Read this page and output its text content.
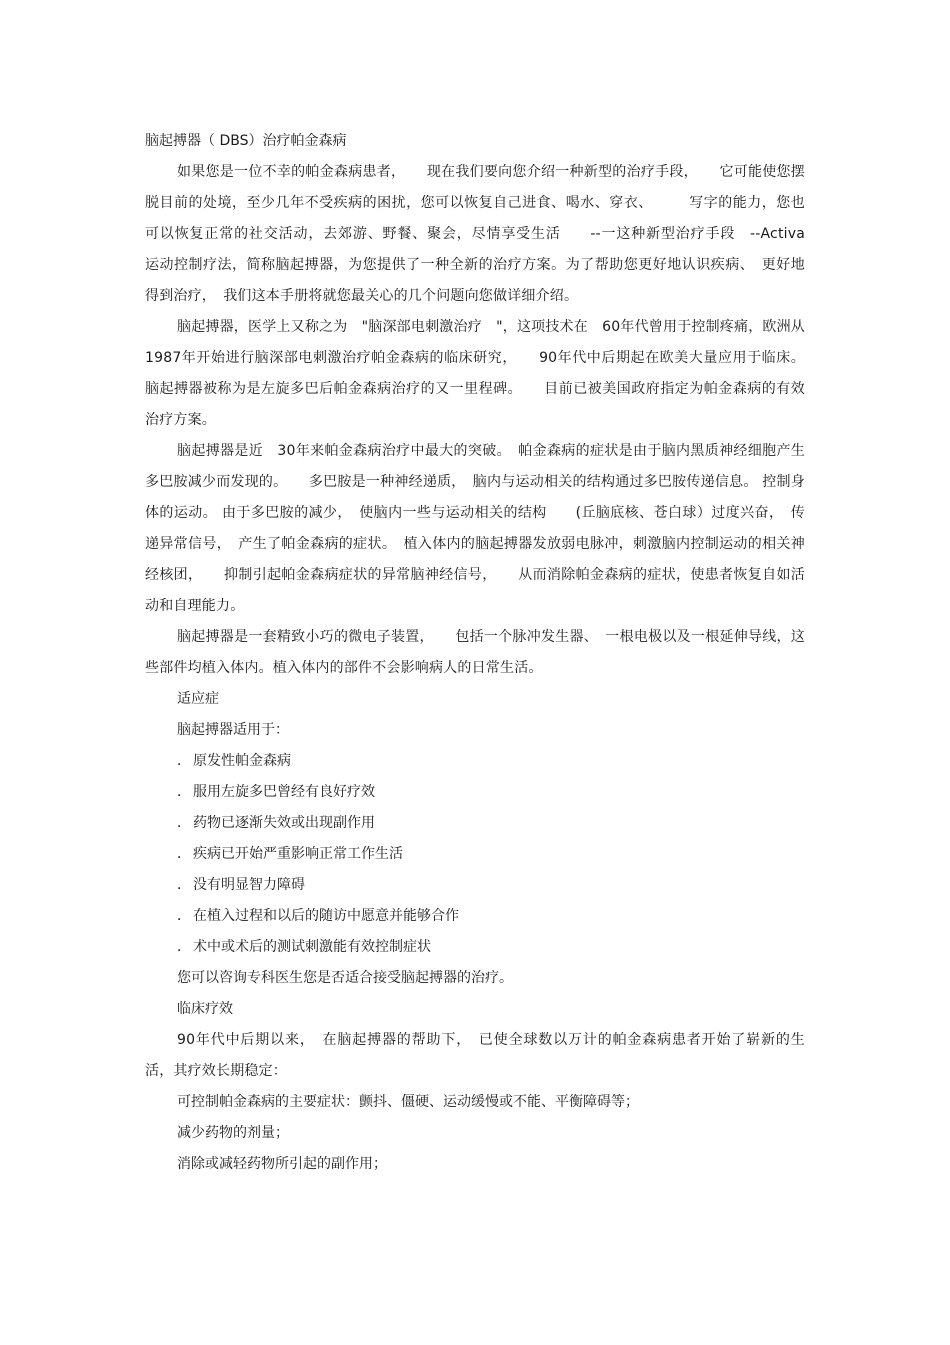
脑起搏器（ DBS）治疗帕金森病

如果您是一位不幸的帕金森病患者，　　现在我们要向您介绍一种新型的治疗手段，　　它可能使您摆脱目前的处境，至少几年不受疾病的困扰，您可以恢复自己进食、喝水、穿衣、　　　写字的能力，您也可以恢复正常的社交活动，去郊游、野餐、聚会，尽情享受生活　　--一这种新型治疗手段　--Activa　运动控制疗法，简称脑起搏器，为您提供了一种全新的治疗方案。为了帮助您更好地认识疾病、　更好地得到治疗，　我们这本手册将就您最关心的几个问题向您做详细介绍。

脑起搏器，医学上又称之为　"脑深部电刺激治疗　"，这项技术在　60年代曾用于控制疼痛，欧洲从 1987年开始进行脑深部电刺激治疗帕金森病的临床研究，　　90年代中后期起在欧美大量应用于临床。 脑起搏器被称为是左旋多巴后帕金森病治疗的又一里程碑。　　目前已被美国政府指定为帕金森病的有效治疗方案。

脑起搏器是近　30年来帕金森病治疗中最大的突破。　帕金森病的症状是由于脑内黑质神经细胞产生多巴胺减少而发现的。　　多巴胺是一种神经递质，　脑内与运动相关的结构通过多巴胺传递信息。 控制身体的运动。 由于多巴胺的减少，　使脑内一些与运动相关的结构　　(丘脑底核、苍白球）过度兴奋，　传递异常信号，　产生了帕金森病的症状。　植入体内的脑起搏器发放弱电脉冲，刺激脑内控制运动的相关神经核团，　　抑制引起帕金森病症状的异常脑神经信号，　　从而消除帕金森病的症状，使患者恢复自如活动和自理能力。

脑起搏器是一套精致小巧的微电子装置，　　包括一个脉冲发生器、　一根电极以及一根延伸导线，这些部件均植入体内。植入体内的部件不会影响病人的日常生活。

适应症

脑起搏器适用于：

． 原发性帕金森病
． 服用左旋多巴曾经有良好疗效
． 药物已逐渐失效或出现副作用
． 疾病已开始严重影响正常工作生活
． 没有明显智力障碍
． 在植入过程和以后的随访中愿意并能够合作
． 术中或术后的测试刺激能有效控制症状

您可以咨询专科医生您是否适合接受脑起搏器的治疗。

临床疗效

90年代中后期以来，　在脑起搏器的帮助下，　已使全球数以万计的帕金森病患者开始了崭新的生活，其疗效长期稳定：

可控制帕金森病的主要症状：颤抖、僵硬、运动缓慢或不能、平衡障碍等；

减少药物的剂量；

消除或减轻药物所引起的副作用；
